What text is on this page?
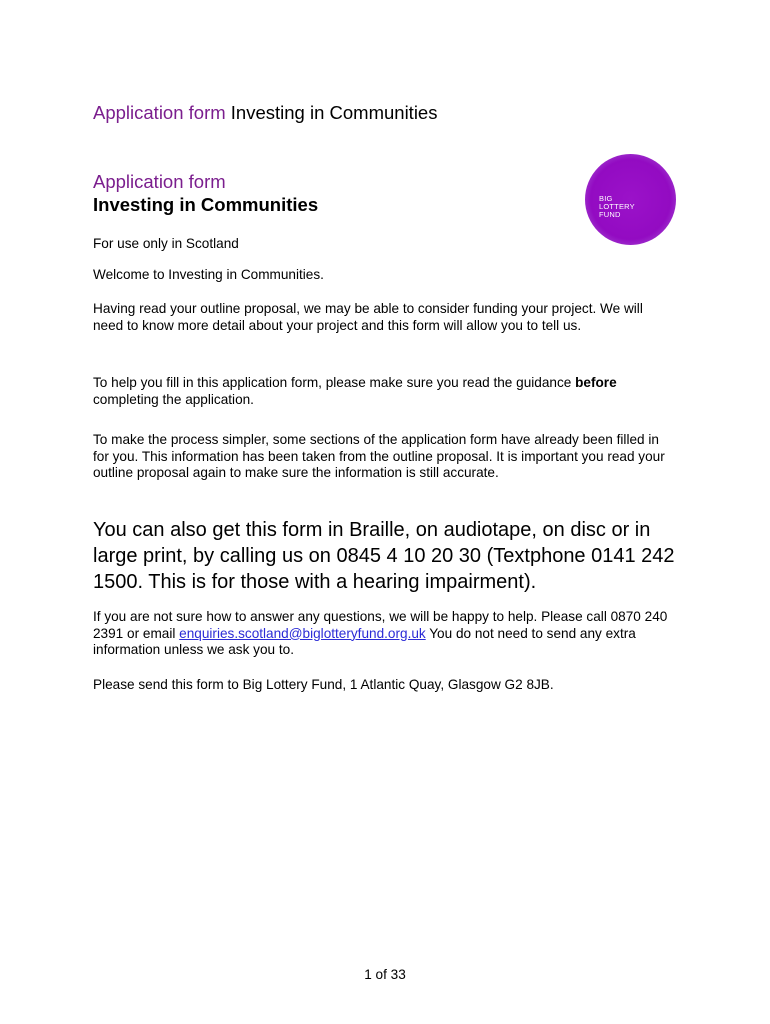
Application form Investing in Communities
Application form
Investing in Communities	BIG
LOTTERY
FUND

For use only in Scotland

Welcome to Investing in Communities.

Having read your outline proposal, we may be able to consider funding your project. We will need to know more detail about your project and this form will allow you to tell us.

To help you fill in this application form, please make sure you read the guidance before completing the application.

To make the process simpler, some sections of the application form have already been filled in for you. This information has been taken from the outline proposal. It is important you read your outline proposal again to make sure the information is still accurate.

You can also get this form in Braille, on audiotape, on disc or in large print, by calling us on 0845 4 10 20 30 (Textphone 0141 242 1500. This is for those with a hearing impairment).

If you are not sure how to answer any questions, we will be happy to help. Please call 0870 240 2391 or email enquiries.scotland@biglotteryfund.org.uk You do not need to send any extra information unless we ask you to.

Please send this form to Big Lottery Fund, 1 Atlantic Quay, Glasgow G2 8JB.

1 of 33
